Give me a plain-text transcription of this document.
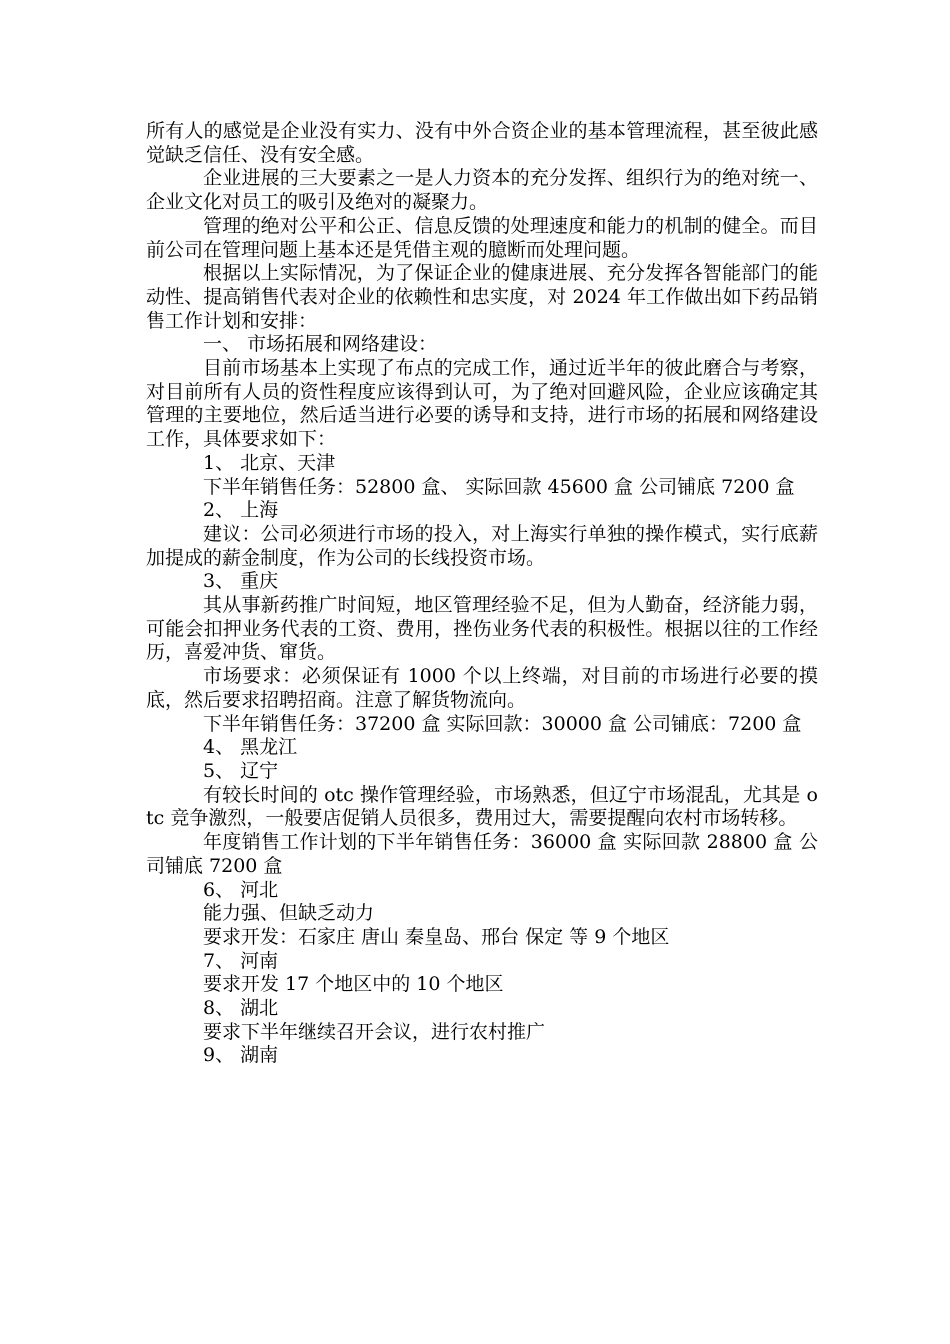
所有人的感觉是企业没有实力、没有中外合资企业的基本管理流程，甚至彼此感觉缺乏信任、没有安全感。

企业进展的三大要素之一是人力资本的充分发挥、组织行为的绝对统一、企业文化对员工的吸引及绝对的凝聚力。

管理的绝对公平和公正、信息反馈的处理速度和能力的机制的健全。而目前公司在管理问题上基本还是凭借主观的臆断而处理问题。

根据以上实际情况，为了保证企业的健康进展、充分发挥各智能部门的能动性、提高销售代表对企业的依赖性和忠实度，对 2024 年工作做出如下药品销售工作计划和安排：

一、 市场拓展和网络建设：

目前市场基本上实现了布点的完成工作，通过近半年的彼此磨合与考察，对目前所有人员的资性程度应该得到认可，为了绝对回避风险，企业应该确定其管理的主要地位，然后适当进行必要的诱导和支持，进行市场的拓展和网络建设工作，具体要求如下：

1、 北京、天津

下半年销售任务：52800 盒、 实际回款 45600 盒 公司铺底 7200 盒

2、 上海

建议：公司必须进行市场的投入，对上海实行单独的操作模式，实行底薪加提成的薪金制度，作为公司的长线投资市场。

3、 重庆

其从事新药推广时间短，地区管理经验不足，但为人勤奋，经济能力弱，可能会扣押业务代表的工资、费用，挫伤业务代表的积极性。根据以往的工作经历，喜爱冲货、窜货。

市场要求：必须保证有 1000 个以上终端，对目前的市场进行必要的摸底，然后要求招聘招商。注意了解货物流向。

下半年销售任务：37200 盒 实际回款：30000 盒 公司铺底：7200 盒

4、 黑龙江

5、 辽宁

有较长时间的 otc 操作管理经验，市场熟悉，但辽宁市场混乱，尤其是 otc 竞争激烈，一般要店促销人员很多，费用过大，需要提醒向农村市场转移。

年度销售工作计划的下半年销售任务：36000 盒 实际回款 28800 盒 公司铺底 7200 盒

6、 河北

能力强、但缺乏动力

要求开发：石家庄 唐山 秦皇岛、邢台 保定 等 9 个地区

7、 河南

要求开发 17 个地区中的 10 个地区

8、 湖北

要求下半年继续召开会议，进行农村推广

9、 湖南
